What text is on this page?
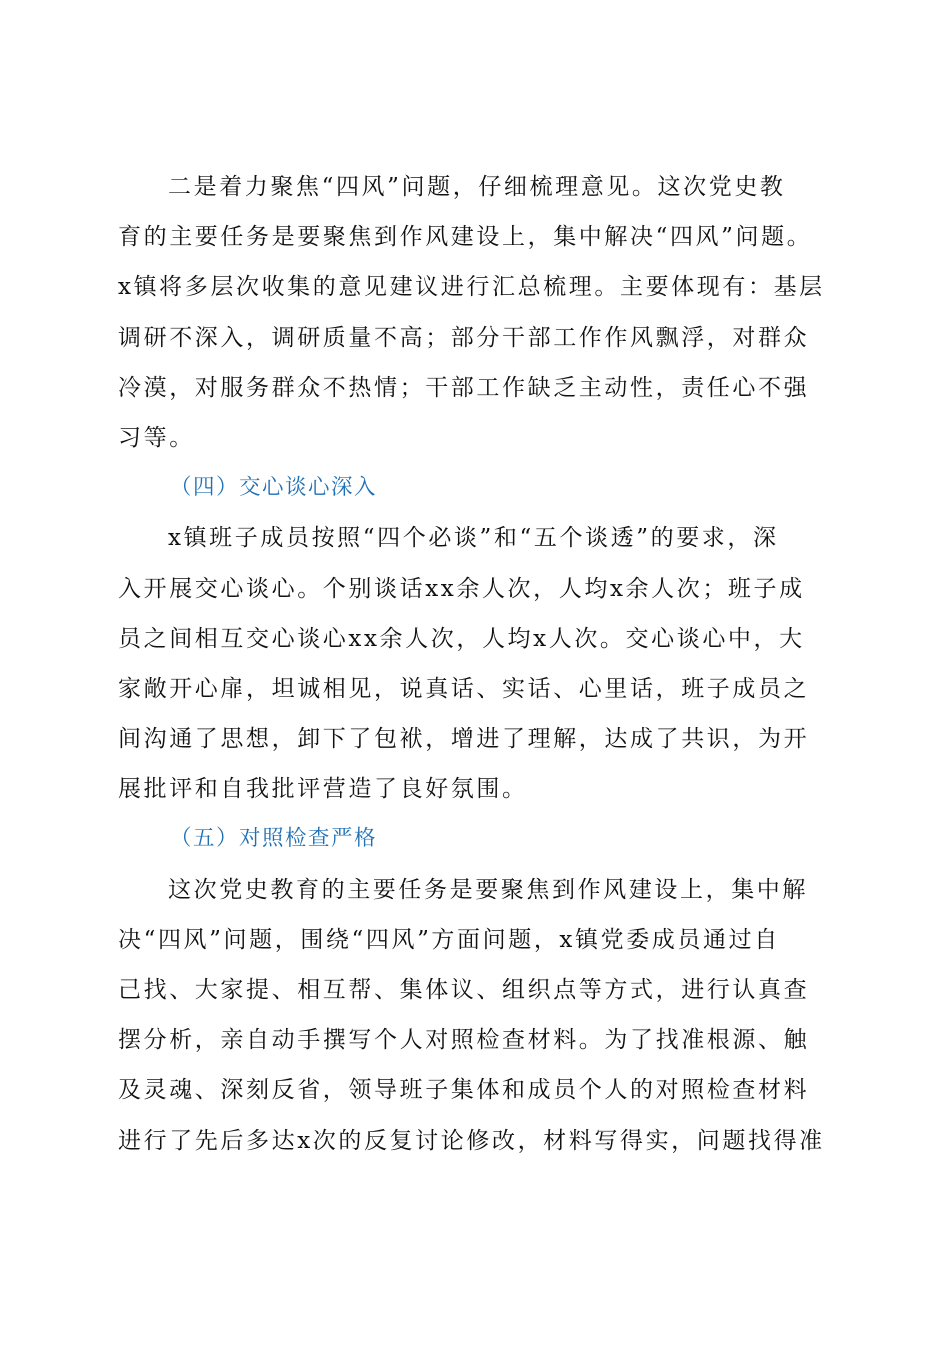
二是着力聚焦“四风”问题，仔细梳理意见。这次党史教
育的主要任务是要聚焦到作风建设上，集中解决“四风”问题。
x镇将多层次收集的意见建议进行汇总梳理。主要体现有：基层
调研不深入，调研质量不高；部分干部工作作风飘浮，对群众
冷漠，对服务群众不热情；干部工作缺乏主动性，责任心不强
习等。
（四）交心谈心深入
x镇班子成员按照“四个必谈”和“五个谈透”的要求，深
入开展交心谈心。个别谈话xx余人次，人均x余人次；班子成
员之间相互交心谈心xx余人次，人均x人次。交心谈心中，大
家敞开心扉，坦诚相见，说真话、实话、心里话，班子成员之
间沟通了思想，卸下了包袱，增进了理解，达成了共识，为开
展批评和自我批评营造了良好氛围。
（五）对照检查严格
这次党史教育的主要任务是要聚焦到作风建设上，集中解
决“四风”问题，围绕“四风”方面问题，x镇党委成员通过自
己找、大家提、相互帮、集体议、组织点等方式，进行认真查
摆分析，亲自动手撰写个人对照检查材料。为了找准根源、触
及灵魂、深刻反省，领导班子集体和成员个人的对照检查材料
进行了先后多达x次的反复讨论修改，材料写得实，问题找得准
